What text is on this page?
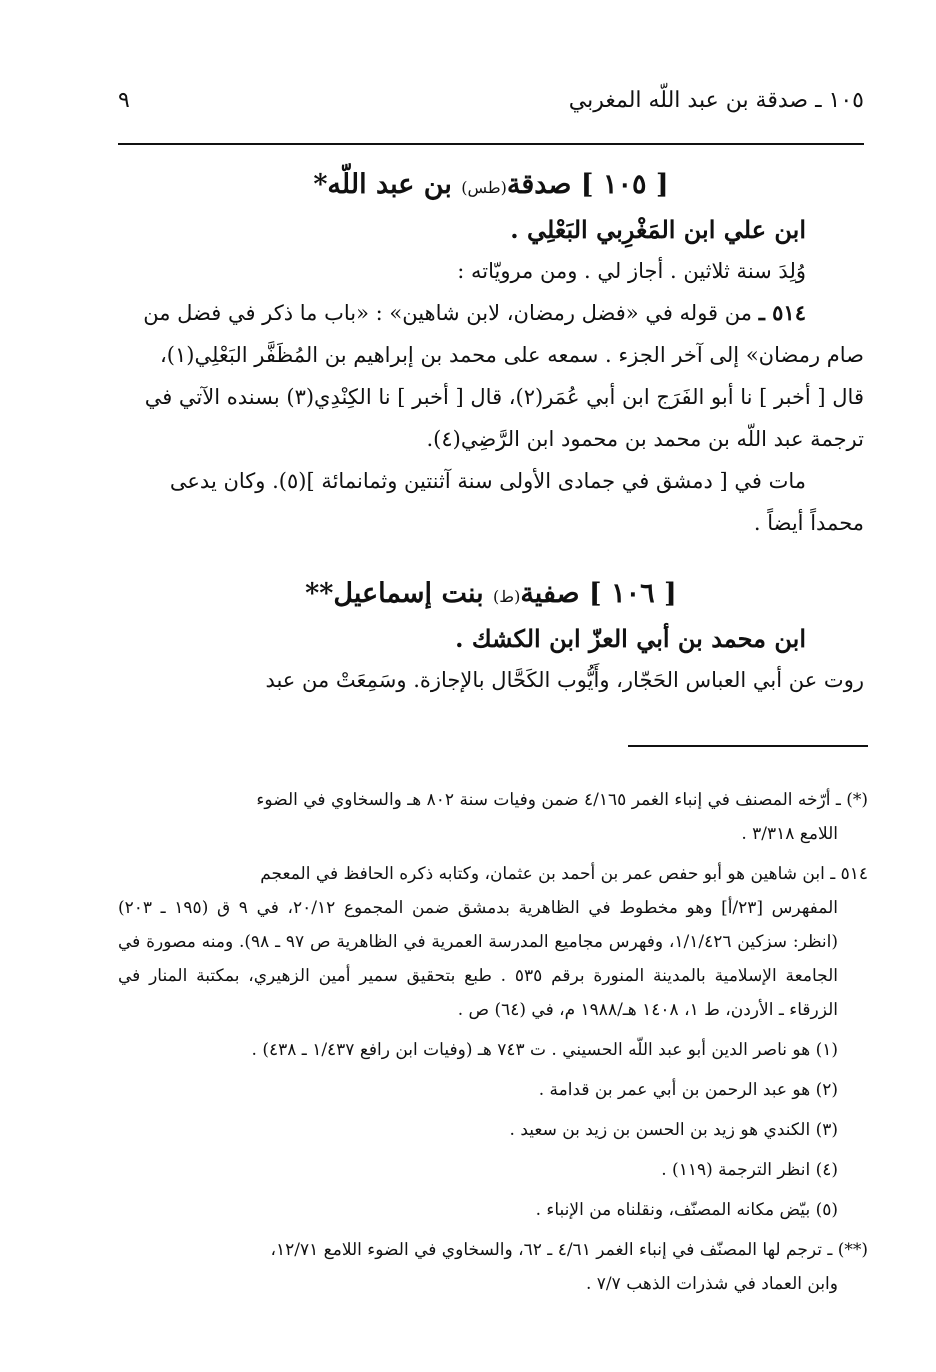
١٠٥ ـ صدقة بن عبد اللّه المغربي
٩

[ ١٠٥ ] صدقة(طس) بن عبد اللّه*

ابن علي ابن المَغْرِبي البَعْلِي .

وُلِدَ سنة ثلاثين . أجاز لي . ومن مرويّاته :

٥١٤ ـ من قوله في «فضل رمضان، لابن شاهين» : «باب ما ذكر في فضل من

صام رمضان» إلى آخر الجزء . سمعه على محمد بن إبراهيم بن المُظَفَّر البَعْلِي(١)،

قال [ أخبر ] نا أبو الفَرَج ابن أبي عُمَر(٢)، قال [ أخبر ] نا الكِنْدِي(٣) بسنده الآتي في

ترجمة عبد اللّه بن محمد بن محمود ابن الرَّضِي(٤).

مات في [ دمشق في جمادى الأولى سنة آثنتين وثمانمائة ](٥). وكان يدعى

محمداً أيضاً .

[ ١٠٦ ] صفية(ط) بنت إسماعيل**

ابن محمد بن أبي العزّ ابن الكشك .

روت عن أبي العباس الحَجّار، وأَيُّوب الكَحَّال بالإجازة. وسَمِعَتْ من عبد

(*) ـ أرّخه المصنف في إنباء الغمر ٤/١٦٥ ضمن وفيات سنة ٨٠٢ هـ والسخاوي في الضوء
اللامع ٣/٣١٨ .

٥١٤ ـ ابن شاهين هو أبو حفص عمر بن أحمد بن عثمان، وكتابه ذكره الحافظ في المعجم
المفهرس [٢٣/أ] وهو مخطوط في الظاهرية بدمشق ضمن المجموع ٢٠/١٢، في ٩ ق (١٩٥ ـ ٢٠٣) (انظر: سزكين ١/١/٤٢٦، وفهرس مجاميع المدرسة العمرية في الظاهرية ص ٩٧ ـ ٩٨). ومنه مصورة في الجامعة الإسلامية بالمدينة المنورة برقم ٥٣٥ . طبع بتحقيق سمير أمين الزهيري، بمكتبة المنار في الزرقاء ـ الأردن، ط ١، ١٤٠٨ هـ/١٩٨٨ م، في (٦٤) ص .

(١) هو ناصر الدين أبو عبد اللّه الحسيني . ت ٧٤٣ هـ (وفيات ابن رافع ١/٤٣٧ ـ ٤٣٨) .

(٢) هو عبد الرحمن بن أبي عمر بن قدامة .

(٣) الكندي هو زيد بن الحسن بن زيد بن سعيد .

(٤) انظر الترجمة (١١٩) .

(٥) بيّض مكانه المصنّف، ونقلناه من الإنباء .

(**) ـ ترجم لها المصنّف في إنباء الغمر ٤/٦١ ـ ٦٢، والسخاوي في الضوء اللامع ١٢/٧١،
وابن العماد في شذرات الذهب ٧/٧ .
